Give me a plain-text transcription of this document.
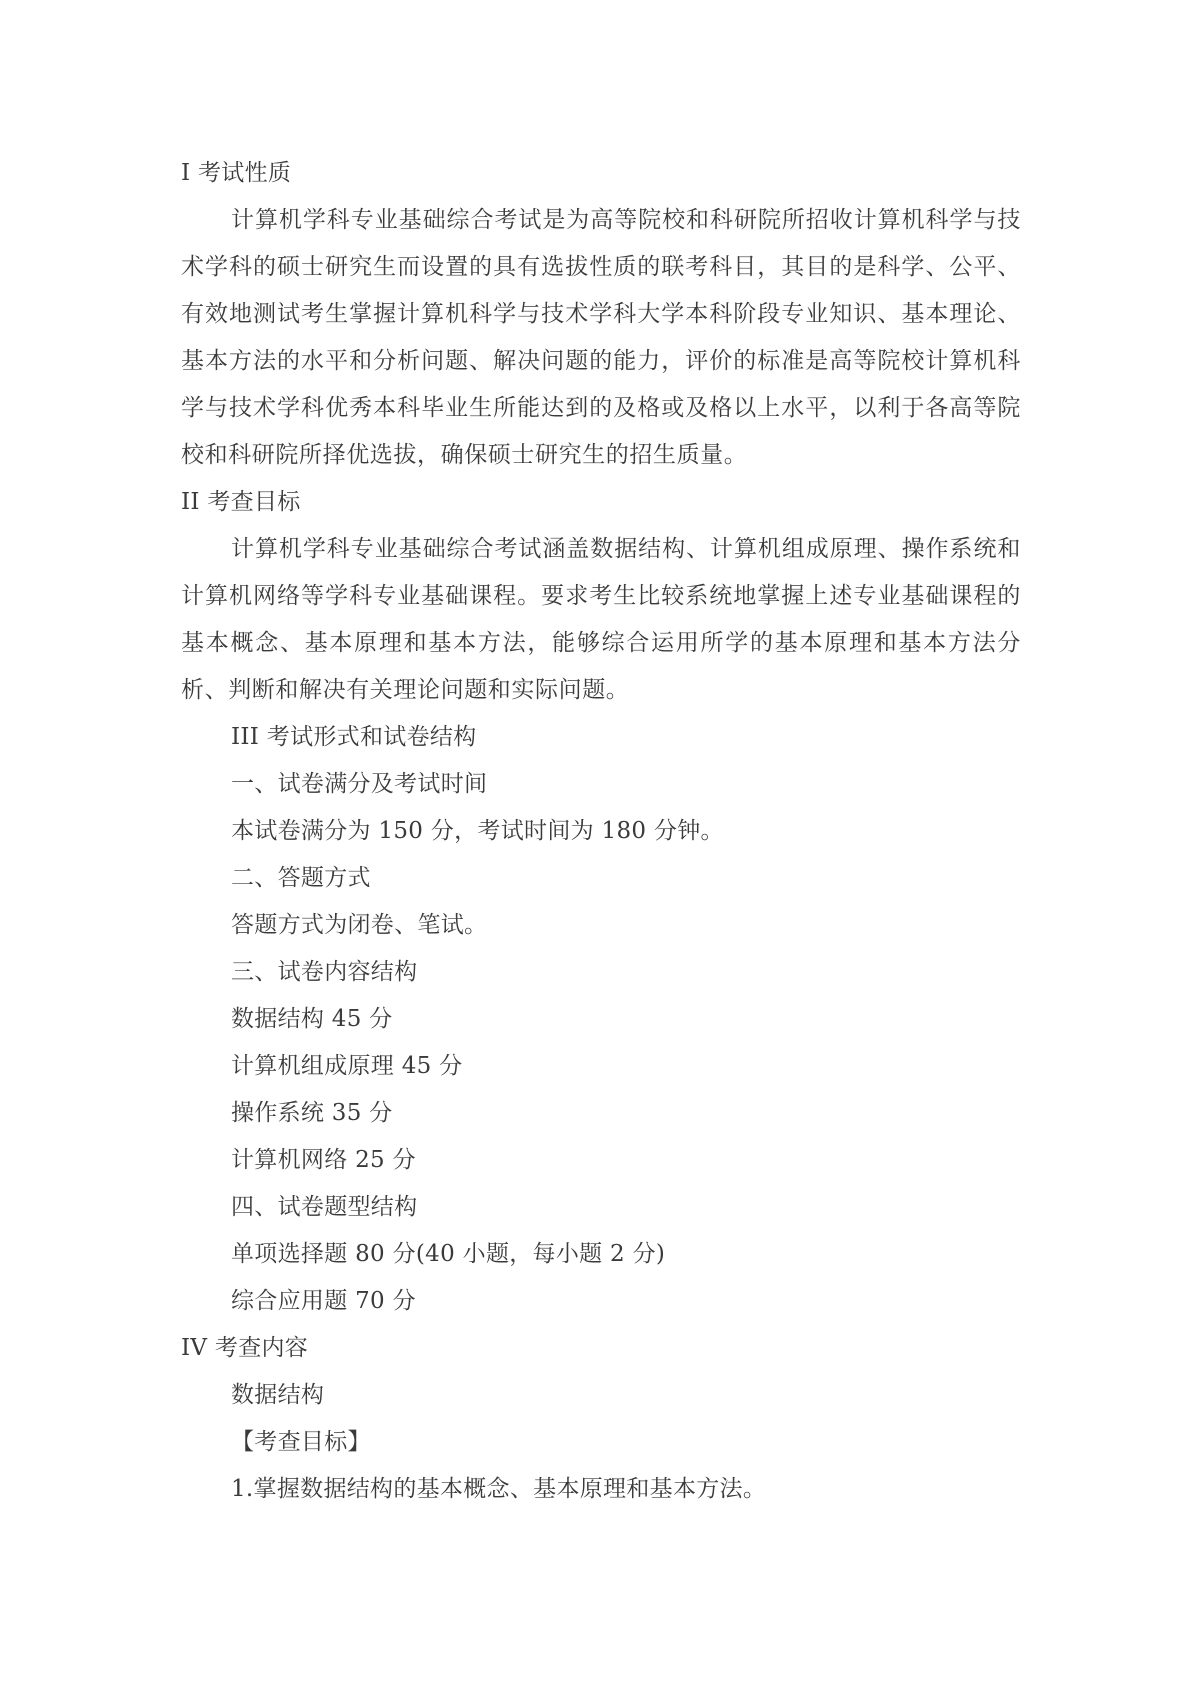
I 考试性质

计算机学科专业基础综合考试是为高等院校和科研院所招收计算机科学与技术学科的硕士研究生而设置的具有选拔性质的联考科目，其目的是科学、公平、有效地测试考生掌握计算机科学与技术学科大学本科阶段专业知识、基本理论、基本方法的水平和分析问题、解决问题的能力，评价的标准是高等院校计算机科学与技术学科优秀本科毕业生所能达到的及格或及格以上水平，以利于各高等院校和科研院所择优选拔，确保硕士研究生的招生质量。

II 考查目标

计算机学科专业基础综合考试涵盖数据结构、计算机组成原理、操作系统和计算机网络等学科专业基础课程。要求考生比较系统地掌握上述专业基础课程的基本概念、基本原理和基本方法，能够综合运用所学的基本原理和基本方法分析、判断和解决有关理论问题和实际问题。

III 考试形式和试卷结构
一、试卷满分及考试时间
本试卷满分为 150 分，考试时间为 180 分钟。
二、答题方式
答题方式为闭卷、笔试。
三、试卷内容结构
数据结构 45 分
计算机组成原理 45 分
操作系统 35 分
计算机网络 25 分
四、试卷题型结构
单项选择题 80 分(40 小题，每小题 2 分)
综合应用题 70 分
IV 考查内容
数据结构
【考查目标】
1.掌握数据结构的基本概念、基本原理和基本方法。
